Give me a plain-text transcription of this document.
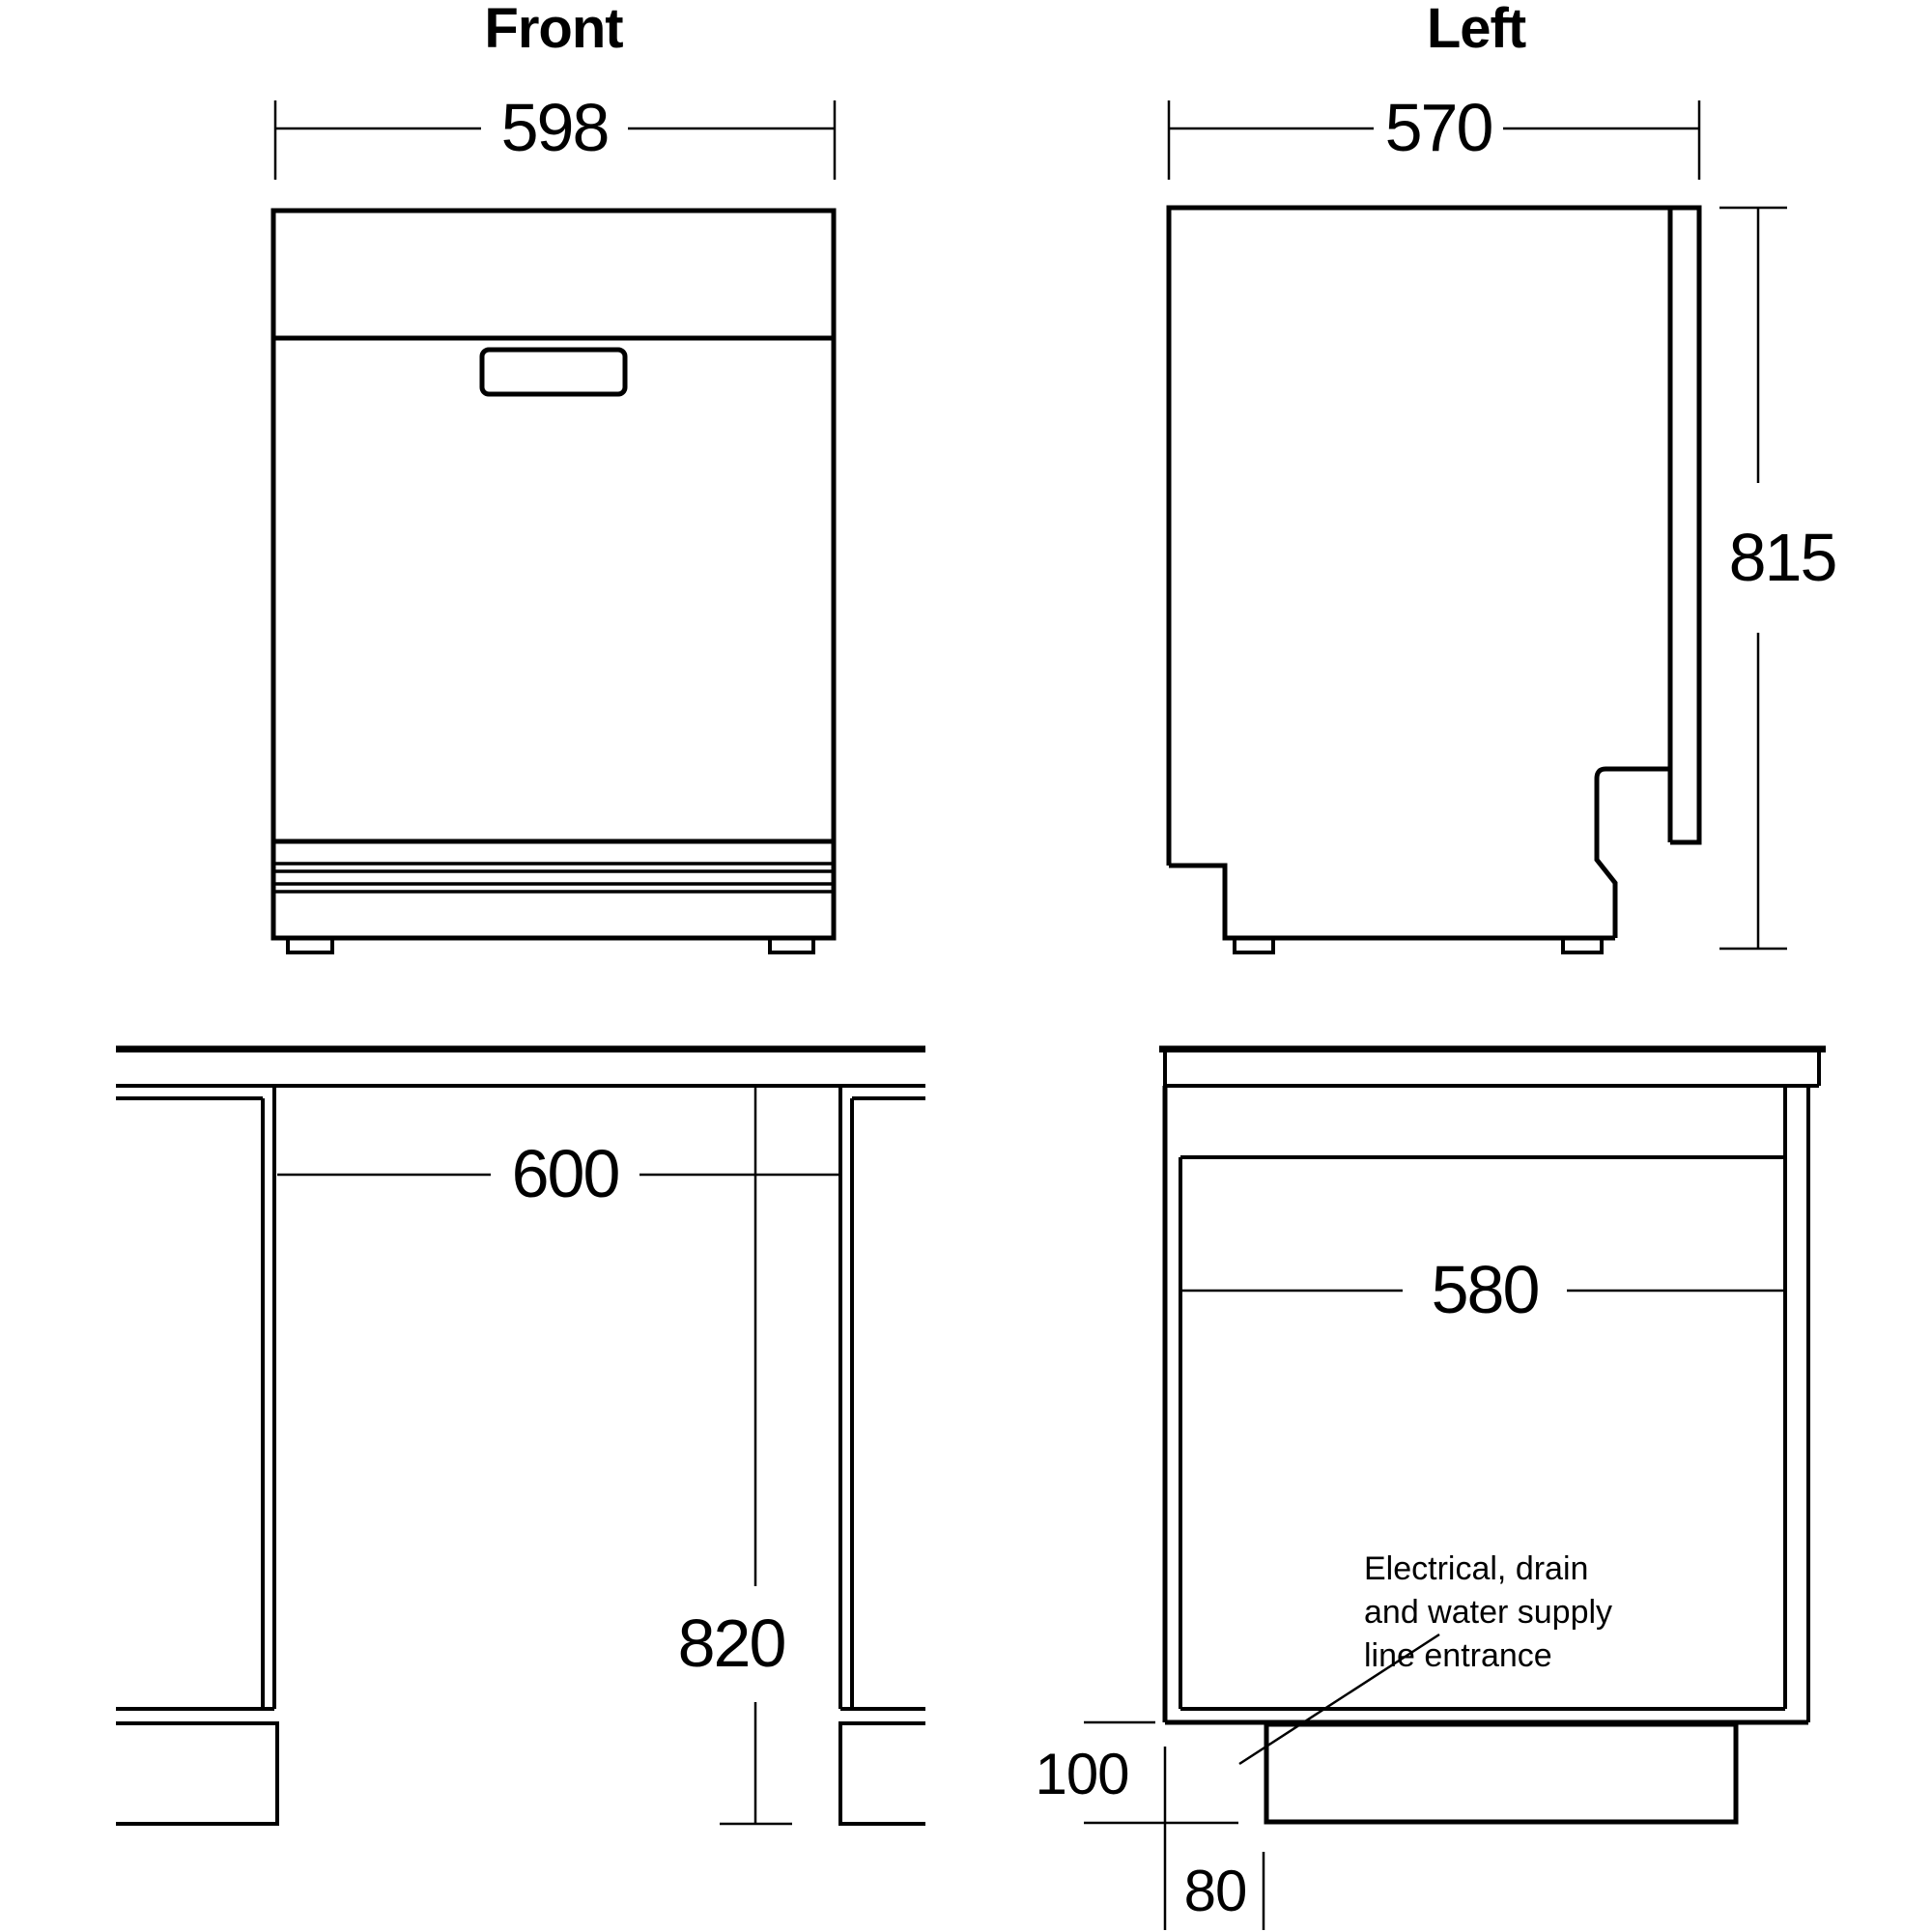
Front
598
Left
570
815
600
820
580
100
80
Electrical, drain
and water supply
line entrance
